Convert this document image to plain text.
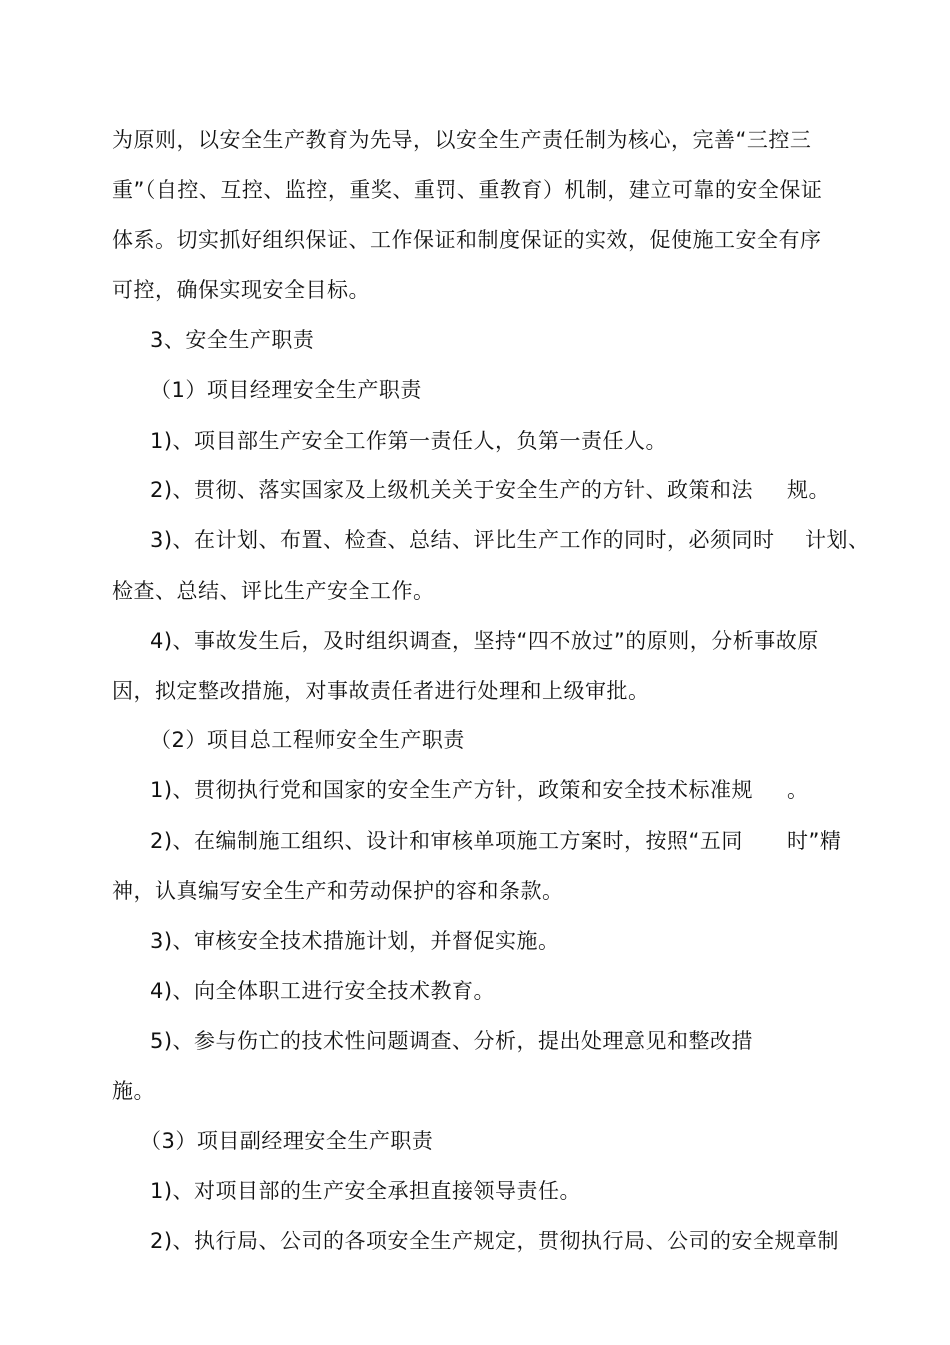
为原则，以安全生产教育为先导，以安全生产责任制为核心，完善“三控三
重”（自控、互控、监控，重奖、重罚、重教育）机制，建立可靠的安全保证
体系。切实抓好组织保证、工作保证和制度保证的实效，促使施工安全有序
可控，确保实现安全目标。
3、安全生产职责
（1）项目经理安全生产职责
1)、项目部生产安全工作第一责任人，负第一责任人。
2)、贯彻、落实国家及上级机关关于安全生产的方针、政策和法 规。
3)、在计划、布置、检查、总结、评比生产工作的同时，必须同时 计划、
检查、总结、评比生产安全工作。
4)、事故发生后，及时组织调查，坚持“四不放过”的原则，分析事故原
因，拟定整改措施，对事故责任者进行处理和上级审批。
（2）项目总工程师安全生产职责
1)、贯彻执行党和国家的安全生产方针，政策和安全技术标准规 。
2)、在编制施工组织、设计和审核单项施工方案时，按照“五同 时”精
神，认真编写安全生产和劳动保护的容和条款。
3)、审核安全技术措施计划，并督促实施。
4)、向全体职工进行安全技术教育。
5)、参与伤亡的技术性问题调查、分析，提出处理意见和整改措
施。
（3）项目副经理安全生产职责
1)、对项目部的生产安全承担直接领导责任。
2)、执行局、公司的各项安全生产规定，贯彻执行局、公司的安全规章制
